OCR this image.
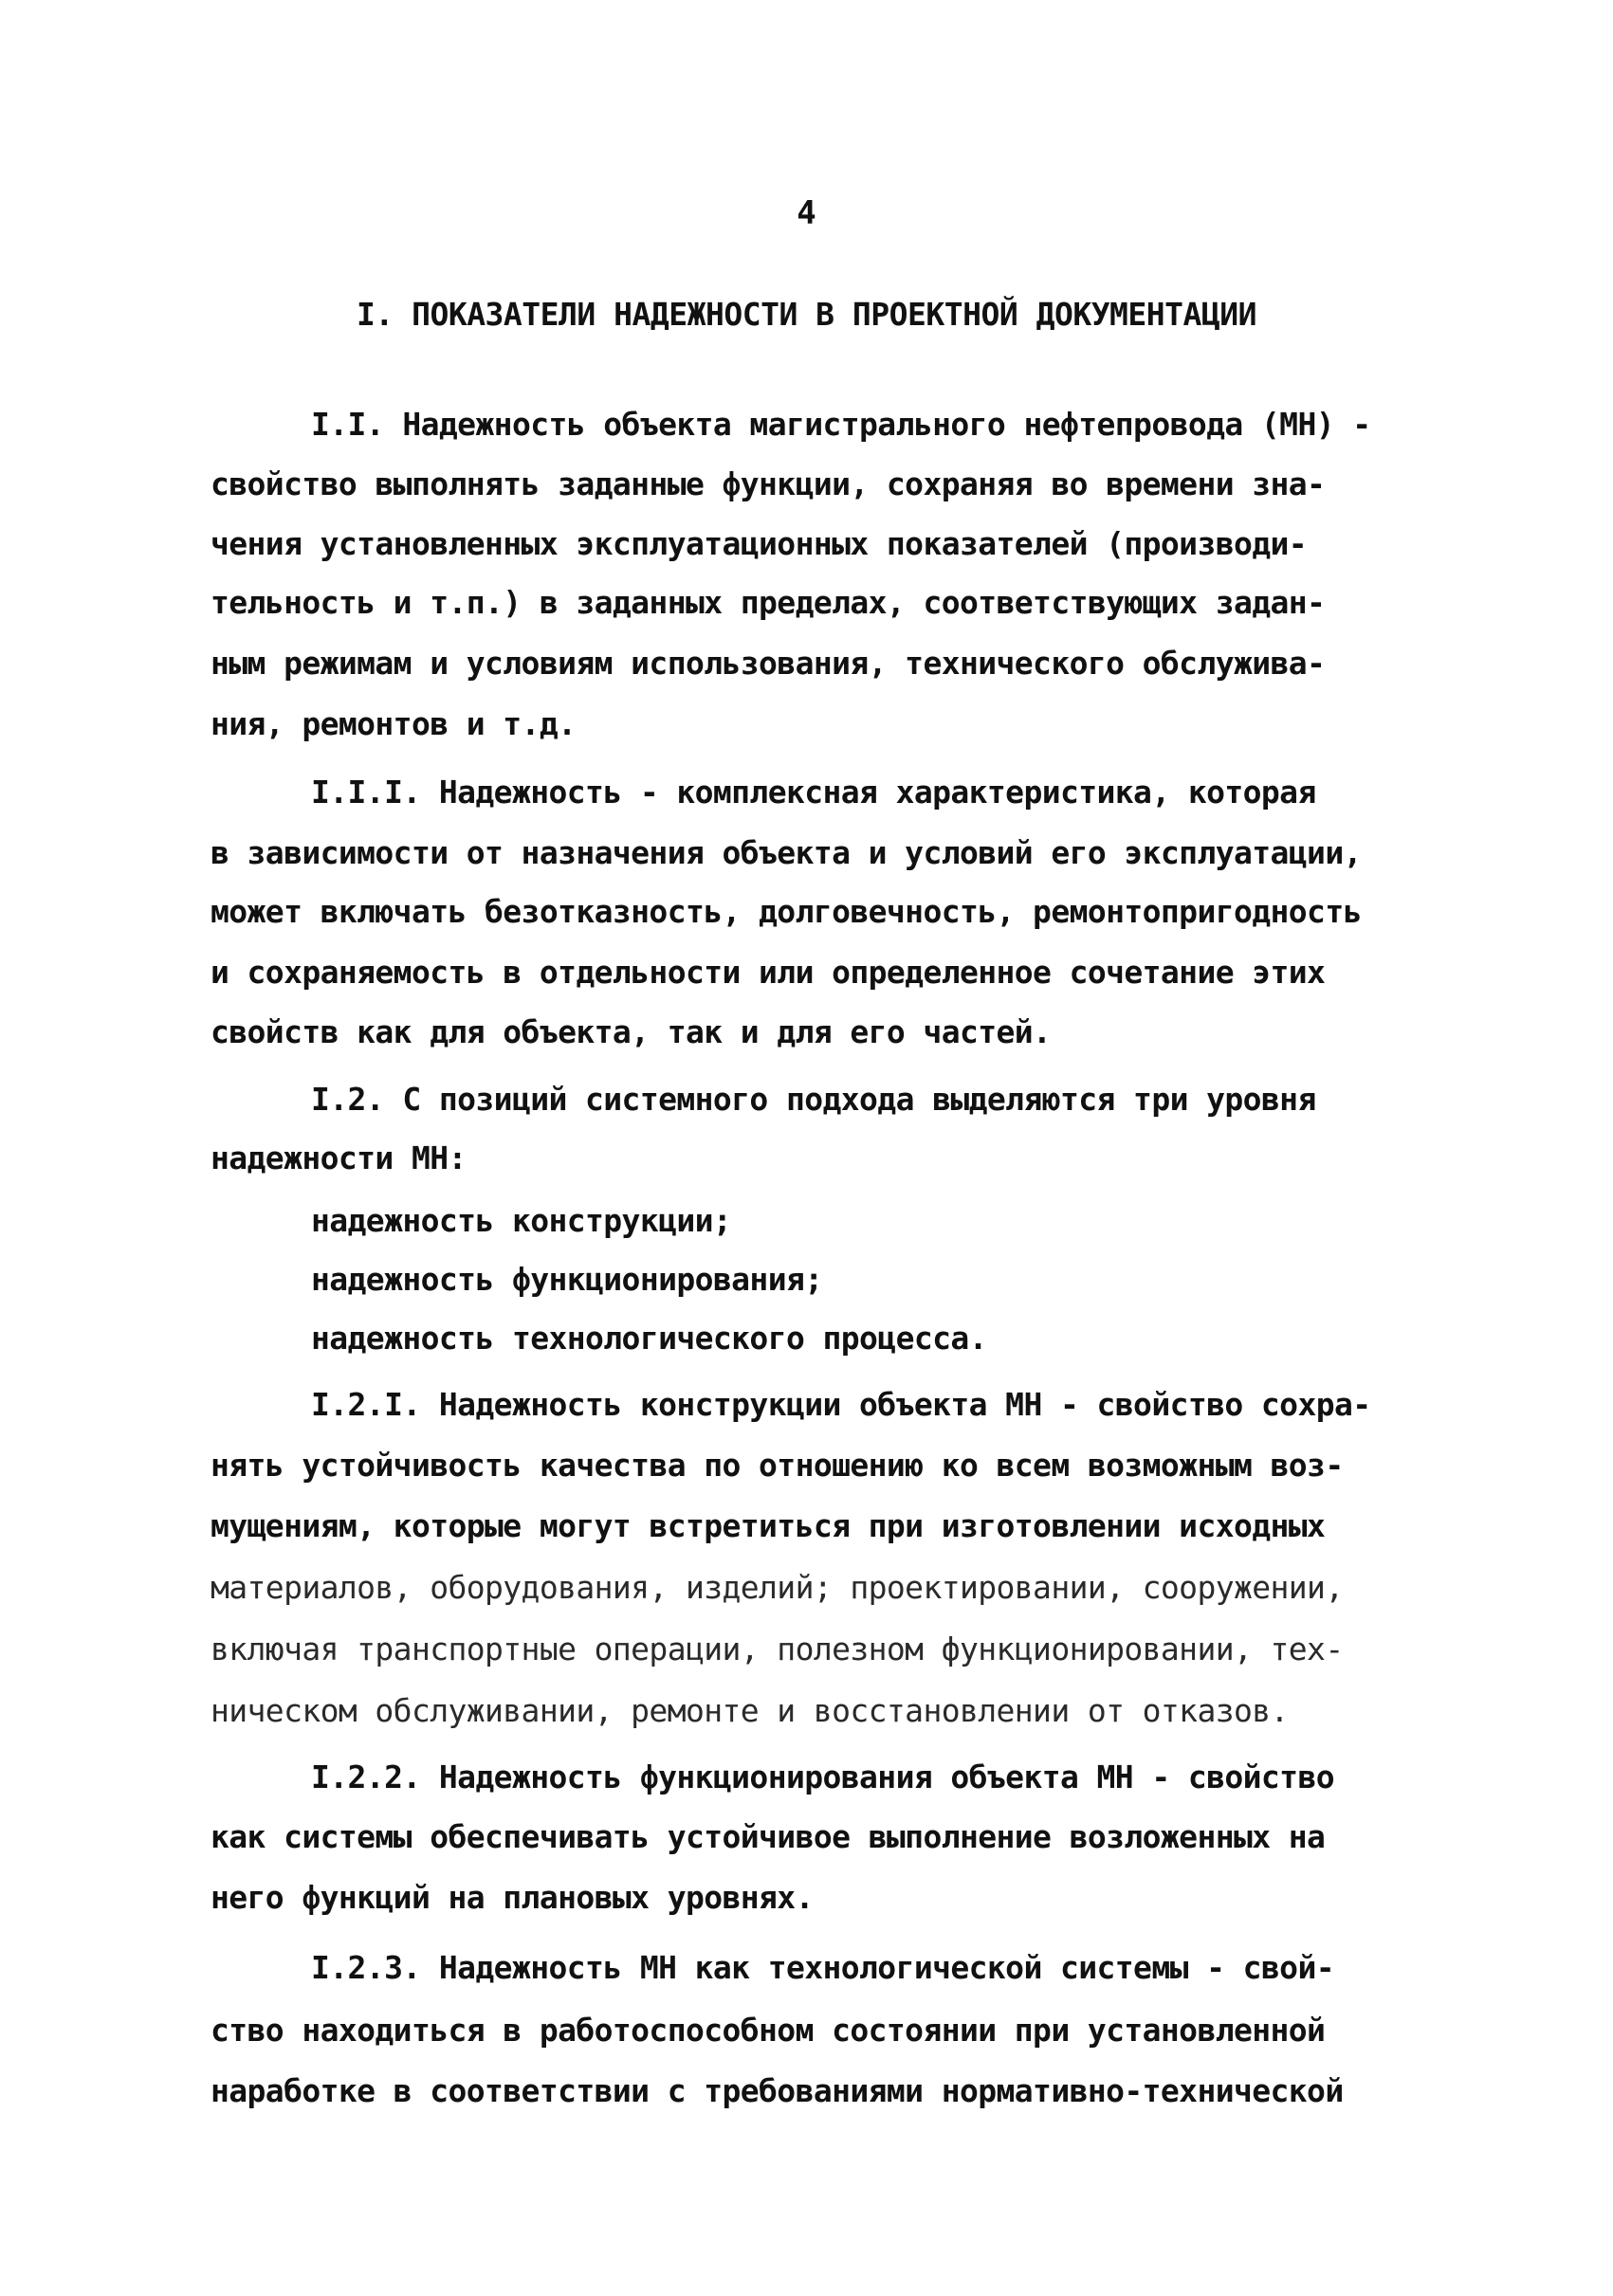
4
I. ПОКАЗАТЕЛИ НАДЕЖНОСТИ В ПРОЕКТНОЙ ДОКУМЕНТАЦИИ
I.I. Надежность объекта магистрального нефтепровода (МН) -
свойство выполнять заданные функции, сохраняя во времени зна-
чения установленных эксплуатационных показателей (производи-
тельность и т.п.) в заданных пределах, соответствующих задан-
ным режимам и условиям использования, технического обслужива-
ния, ремонтов и т.д.
I.I.I. Надежность - комплексная характеристика, которая
в зависимости от назначения объекта и условий его эксплуатации,
может включать безотказность, долговечность, ремонтопригодность
и сохраняемость в отдельности или определенное сочетание этих
свойств как для объекта, так и для его частей.
I.2. С позиций системного подхода выделяются три уровня
надежности МН:
надежность конструкции;
надежность функционирования;
надежность технологического процесса.
I.2.I. Надежность конструкции объекта МН - свойство сохра-
нять устойчивость качества по отношению ко всем возможным воз-
мущениям, которые могут встретиться при изготовлении исходных
материалов, оборудования, изделий; проектировании, сооружении,
включая транспортные операции, полезном функционировании, тех-
ническом обслуживании, ремонте и восстановлении от отказов.
I.2.2. Надежность функционирования объекта МН - свойство
как системы обеспечивать устойчивое выполнение возложенных на
него функций на плановых уровнях.
I.2.3. Надежность МН как технологической системы - свой-
ство находиться в работоспособном состоянии при установленной
наработке в соответствии с требованиями нормативно-технической
